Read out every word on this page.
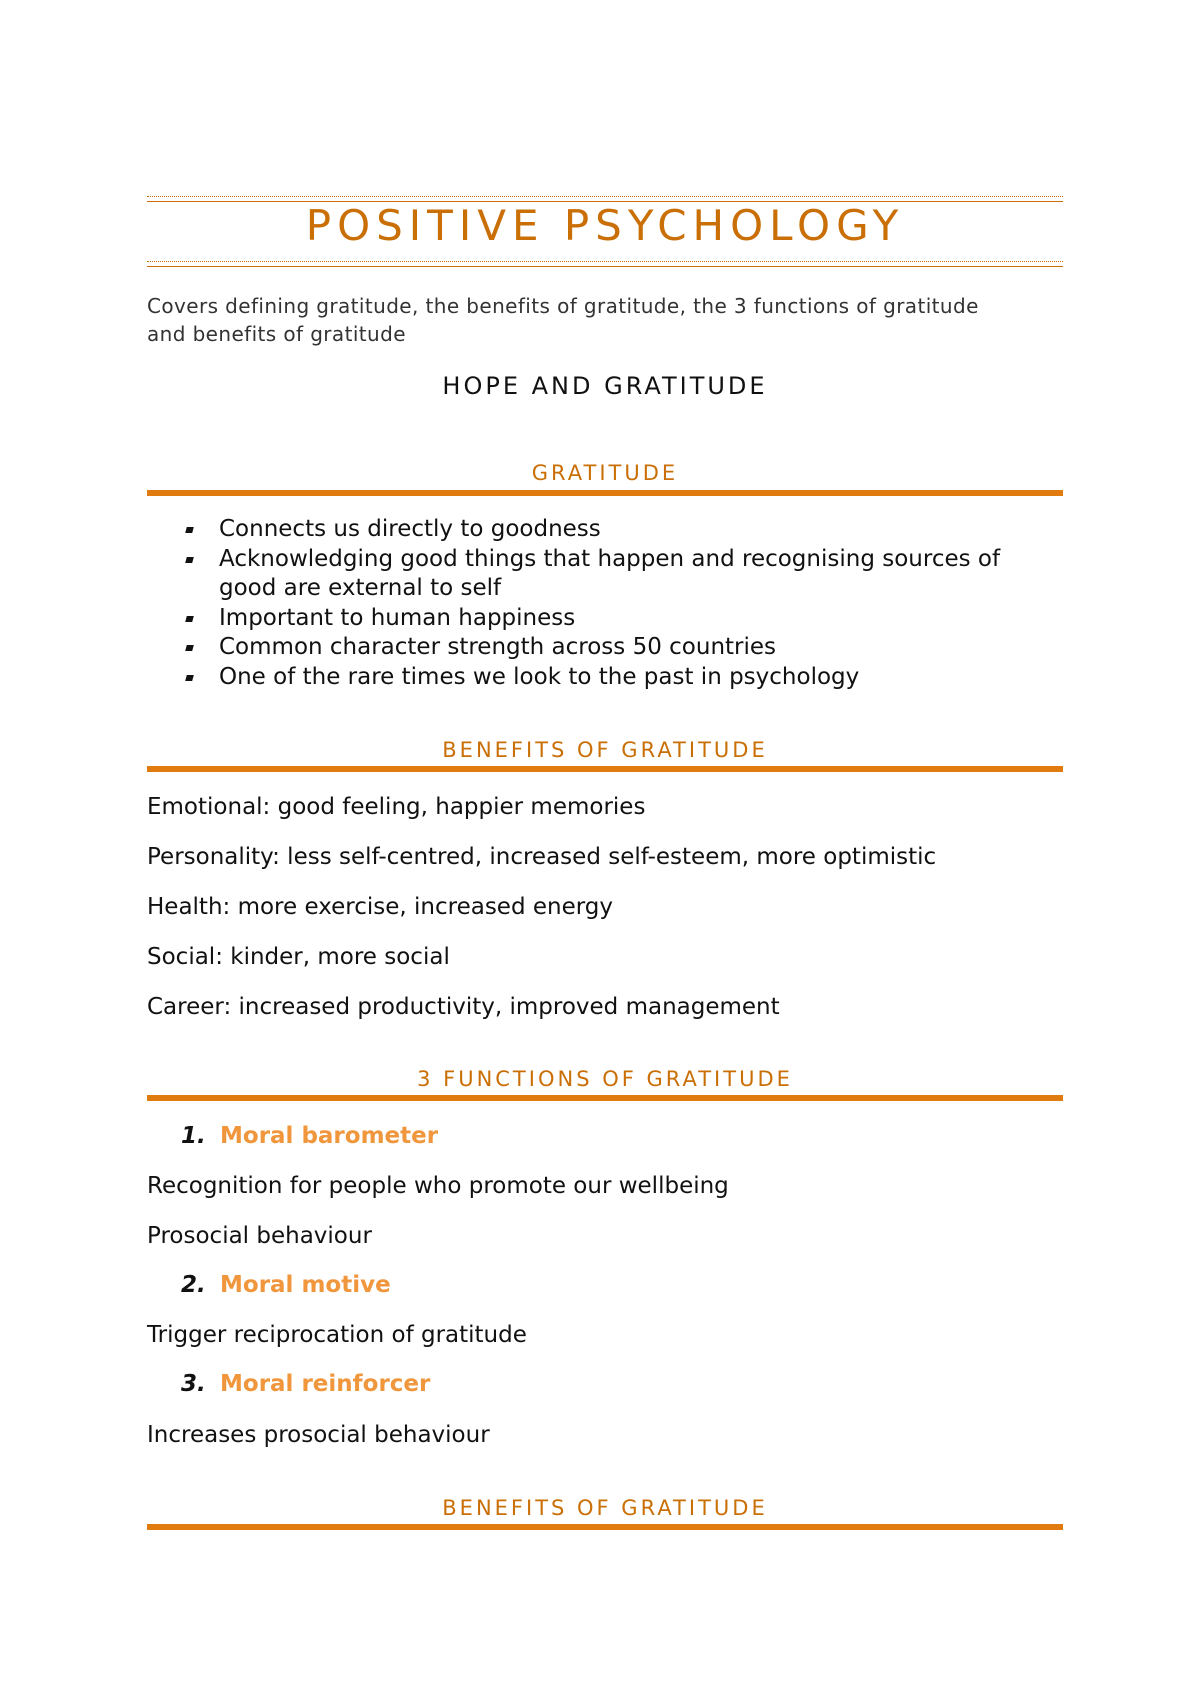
POSITIVE PSYCHOLOGY
Covers defining gratitude, the benefits of gratitude, the 3 functions of gratitude
and benefits of gratitude
HOPE AND GRATITUDE
GRATITUDE
Connects us directly to goodness
Acknowledging good things that happen and recognising sources of
good are external to self
Important to human happiness
Common character strength across 50 countries
One of the rare times we look to the past in psychology
BENEFITS OF GRATITUDE
Emotional: good feeling, happier memories
Personality: less self-centred, increased self-esteem, more optimistic
Health: more exercise, increased energy
Social: kinder, more social
Career: increased productivity, improved management
3 FUNCTIONS OF GRATITUDE
1. Moral barometer
Recognition for people who promote our wellbeing
Prosocial behaviour
2. Moral motive
Trigger reciprocation of gratitude
3. Moral reinforcer
Increases prosocial behaviour
BENEFITS OF GRATITUDE
